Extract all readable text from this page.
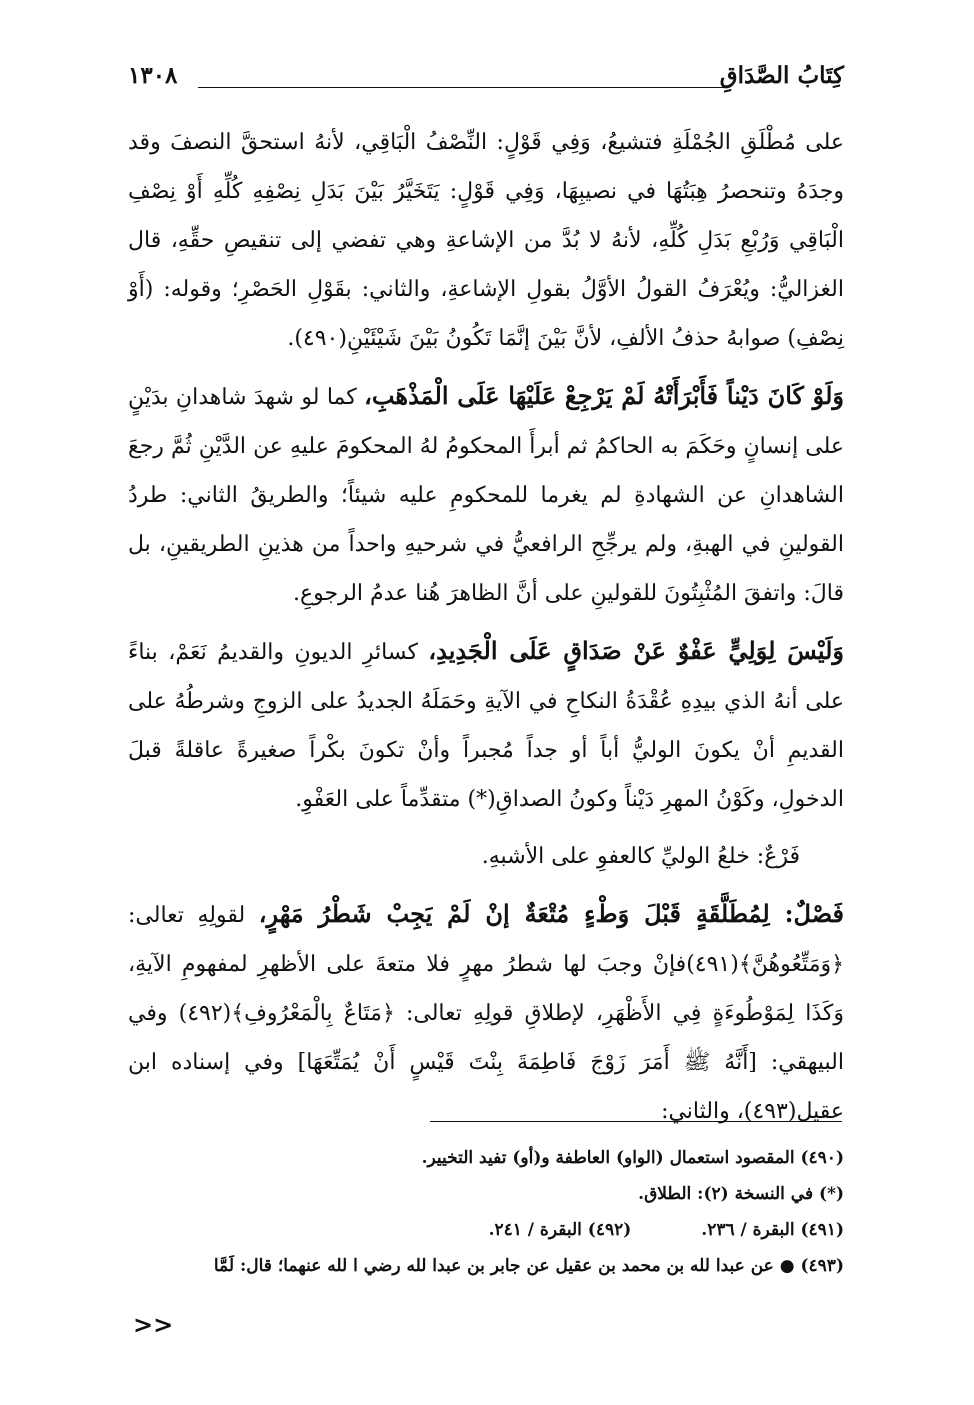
كِتَابُ الصَّدَاقِ
١٣٠٨

على مُطْلَقِ الجُمْلَةِ فتشيعُ، وَفِي قَوْلٍ: النِّصْفُ الْبَاقِي، لأنهُ استحقَّ النصفَ وقد وجدَهُ وتنحصرُ هِبَتُهَا في نصيبِهَا، وَفِي قَوْلٍ: يَتَخَيَّرُ بَيْنَ بَدَلِ نِصْفِهِ كُلِّهِ أَوْ نِصْفِ الْبَاقِي وَرُبْعِ بَدَلِ كُلِّهِ، لأنهُ لا بُدَّ من الإشاعةِ وهي تفضي إلى تنقيصِ حقِّهِ، قال الغزاليُّ: ويُعْرَفُ القولُ الأوَّلُ بقولِ الإشاعةِ، والثاني: بقَوْلِ الحَصْرِ؛ وقوله: (أَوْ نِصْفِ) صوابهُ حذفُ الألفِ، لأنَّ بَيْنَ إنَّمَا تَكُونُ بَيْنَ شَيْئَيْنِ(٤٩٠).

وَلَوْ كَانَ دَيْناً فَأَبْرَأَتْهُ لَمْ يَرْجِعْ عَلَيْهَا عَلَى الْمَذْهَبِ، كما لو شهدَ شاهدانِ بدَيْنٍ على إنسانٍ وحَكَمَ به الحاكمُ ثم أبرأَ المحكومُ لهُ المحكومَ عليهِ عن الدَّيْنِ ثُمَّ رجعَ الشاهدانِ عن الشهادةِ لم يغرما للمحكومِ عليه شيئاً؛ والطريقُ الثاني: طردُ القولينِ في الهبةِ، ولم يرجِّحِ الرافعيُّ في شرحيهِ واحداً من هذينِ الطريقينِ، بل قالَ: واتفقَ المُثْبِتُونَ للقولينِ على أنَّ الظاهرَ هُنا عدمُ الرجوعِ.

وَلَيْسَ لِوَلِيٍّ عَفْوٌ عَنْ صَدَاقٍ عَلَى الْجَدِيدِ، كسائرِ الديونِ والقديمُ نَعَمْ، بناءً على أنهُ الذي بيدِهِ عُقْدَةُ النكاحِ في الآيةِ وحَمَلَهُ الجديدُ على الزوجِ وشرطُهُ على القديمِ أنْ يكونَ الوليُّ أباً أو جداً مُجبراً وأنْ تكونَ بكْراً صغيرةً عاقلةً قبلَ الدخولِ، وكَوْنُ المهرِ دَيْناً وكونُ الصداقِ(*) متقدِّماً على العَفْوِ.

فَرْعٌ: خلعُ الوليِّ كالعفوِ على الأشبهِ.

فَصْلٌ: لِمُطَلَّقَةٍ قَبْلَ وَطْءٍ مُتْعَةٌ إنْ لَمْ يَجِبْ شَطْرُ مَهْرٍ، لقولِهِ تعالى: ﴿وَمَتِّعُوهُنَّ﴾(٤٩١)فإنْ وجبَ لها شطرُ مهرٍ فلا متعةَ على الأظهرِ لمفهومِ الآيةِ، وَكَذَا لِمَوْطُوءَةٍ فِي الأَظْهَرِ، لإطلاقِ قولِهِ تعالى: ﴿مَتَاعٌ بِالْمَعْرُوفِ﴾(٤٩٢) وفي البيهقي: [أَنَّهُ ﷺ أَمَرَ زَوْجَ فَاطِمَةَ بِنْتَ قَيْسٍ أَنْ يُمَتِّعَهَا] وفي إسناده ابن عقيل(٤٩٣)، والثاني:

(٤٩٠) المقصود استعمال (الواو) العاطفة و(أو) تفيد التخيير.

(*) في النسخة (٢): الطلاق.

(٤٩١) البقرة / ٢٣٦.(٤٩٢) البقرة / ٢٤١.

(٤٩٣) ● عن عبدا لله بن محمد بن عقيل عن جابر بن عبدا لله رضي ا لله عنهما؛ قال: لَمَّا

<<
